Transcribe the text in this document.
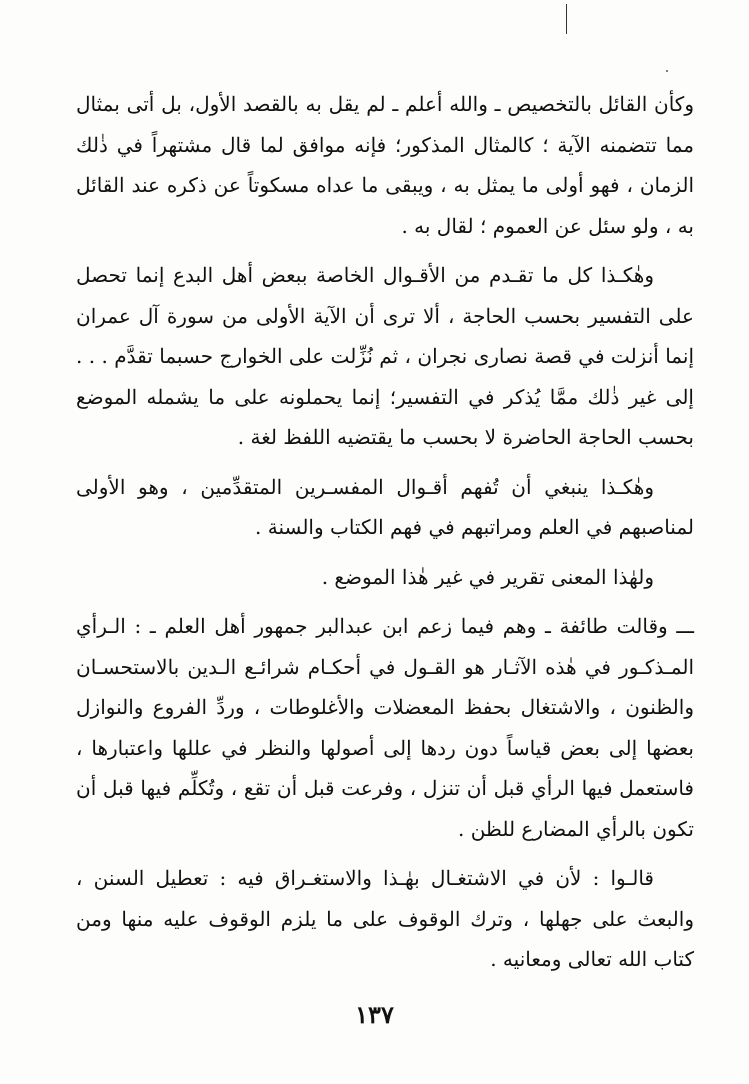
وكأن القائل بالتخصيص ـ والله أعلم ـ لم يقل به بالقصد الأول، بل أتى بمثال مما تتضمنه الآية ؛ كالمثال المذكور؛ فإنه موافق لما قال مشتهراً في ذٰلك الزمان ، فهو أولى ما يمثل به ، ويبقى ما عداه مسكوتاً عن ذكره عند القائل به ، ولو سئل عن العموم ؛ لقال به .

وهٰكـذا كل ما تقـدم من الأقـوال الخاصة ببعض أهل البدع إنما تحصل على التفسير بحسب الحاجة ، ألا ترى أن الآية الأولى من سورة آل عمران إنما أنزلت في قصة نصارى نجران ، ثم نُزِّلت على الخوارج حسبما تقدَّم . . . إلى غير ذٰلك ممَّا يُذكر في التفسير؛ إنما يحملونه على ما يشمله الموضع بحسب الحاجة الحاضرة لا بحسب ما يقتضيه اللفظ لغة .

وهٰكـذا ينبغي أن تُفهم أقـوال المفسـرين المتقدِّمين ، وهو الأولى لمناصبهم في العلم ومراتبهم في فهم الكتاب والسنة .

ولهٰذا المعنى تقرير في غير هٰذا الموضع .

ـــ وقالت طائفة ـ وهم فيما زعم ابن عبدالبر جمهور أهل العلم ـ : الـرأي المـذكـور في هٰذه الآثـار هو القـول في أحكـام شرائـع الـدين بالاستحسـان والظنون ، والاشتغال بحفظ المعضلات والأغلوطات ، وردِّ الفروع والنوازل بعضها إلى بعض قياساً دون ردها إلى أصولها والنظر في عللها واعتبارها ، فاستعمل فيها الرأي قبل أن تنزل ، وفرعت قبل أن تقع ، وتُكلِّم فيها قبل أن تكون بالرأي المضارع للظن .

قالـوا : لأن في الاشتغـال بهٰـذا والاستغـراق فيه : تعطيل السنن ، والبعث على جهلها ، وترك الوقوف على ما يلزم الوقوف عليه منها ومن كتاب الله تعالى ومعانيه .

١٣٧
